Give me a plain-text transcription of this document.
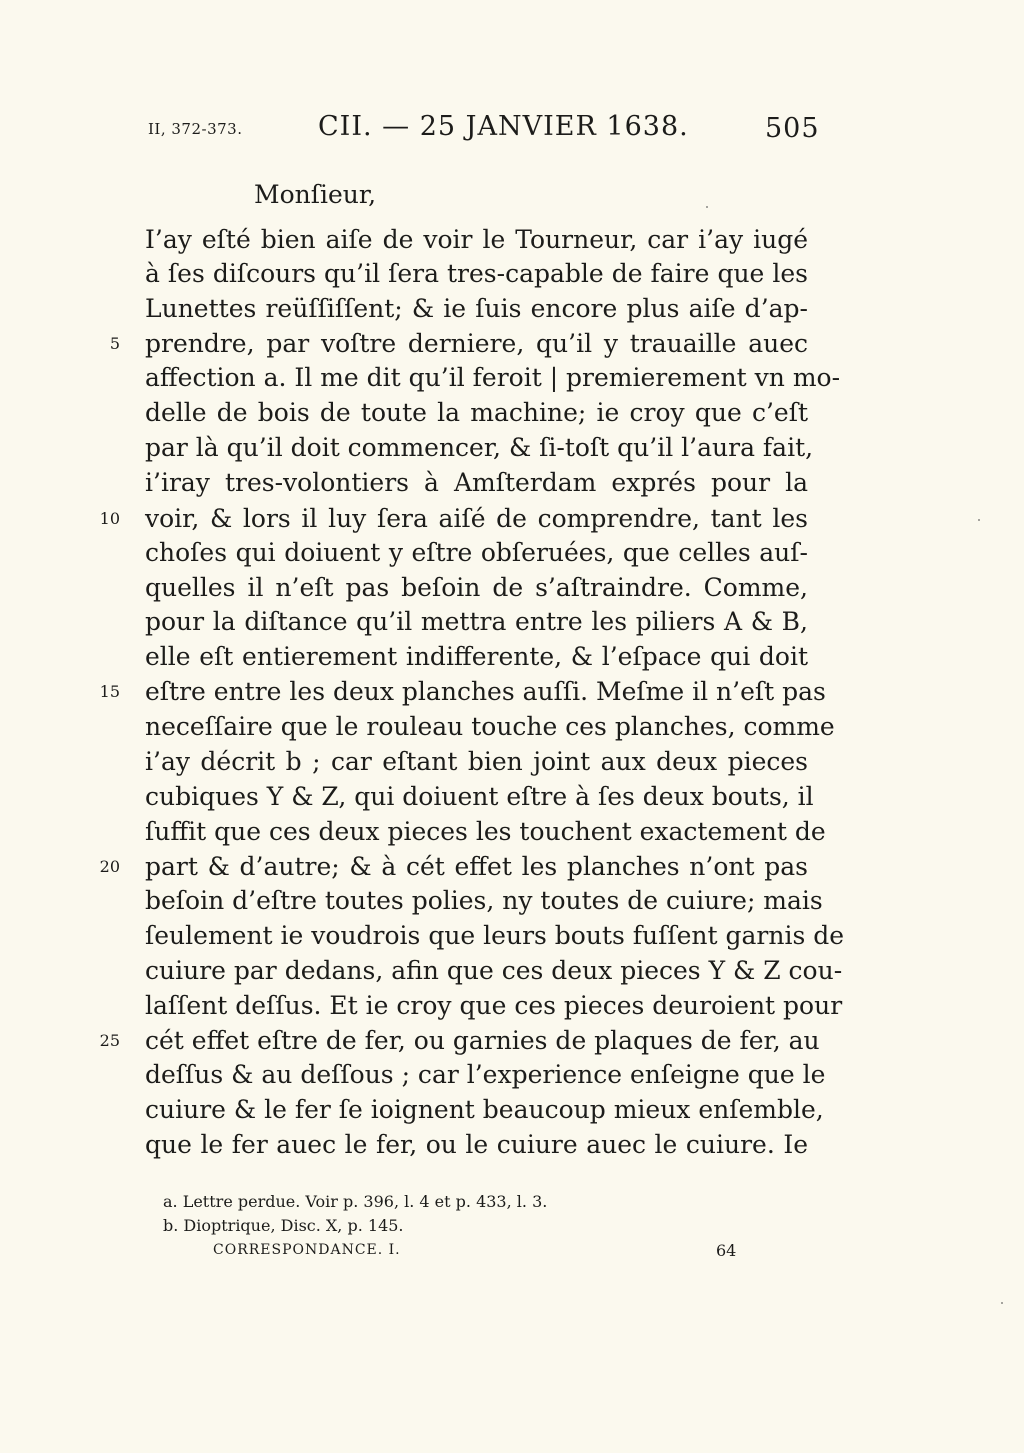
II, 372-373.	CII. — 25 JANVIER 1638.	505
Monſieur,
I’ay eſté bien aiſe de voir le Tourneur, car i’ay iugé
à ſes diſcours qu’il ſera tres-capable de faire que les
Lunettes reüſſiſſent; & ie ſuis encore plus aiſe d’ap-
prendre, par voſtre derniere, qu’il y trauaille auec
affection a. Il me dit qu’il feroit | premierement vn mo-
delle de bois de toute la machine; ie croy que c’eſt
par là qu’il doit commencer, & ſi-toſt qu’il l’aura fait,
i’iray tres-volontiers à Amſterdam exprés pour la
voir, & lors il luy ſera aiſé de comprendre, tant les
choſes qui doiuent y eſtre obſeruées, que celles auſ-
quelles il n’eſt pas beſoin de s’aſtraindre. Comme,
pour la diſtance qu’il mettra entre les piliers A & B,
elle eſt entierement indifferente, & l’eſpace qui doit
eſtre entre les deux planches auſſi. Meſme il n’eſt pas
neceſſaire que le rouleau touche ces planches, comme
i’ay décrit b ; car eſtant bien joint aux deux pieces
cubiques Y & Z, qui doiuent eſtre à ſes deux bouts, il
ſuffit que ces deux pieces les touchent exactement de
part & d’autre; & à cét effet les planches n’ont pas
beſoin d’eſtre toutes polies, ny toutes de cuiure; mais
ſeulement ie voudrois que leurs bouts fuſſent garnis de
cuiure par dedans, afin que ces deux pieces Y & Z cou-
laſſent deſſus. Et ie croy que ces pieces deuroient pour
cét effet eſtre de fer, ou garnies de plaques de fer, au
deſſus & au deſſous ; car l’experience enſeigne que le
cuiure & le fer ſe ioignent beaucoup mieux enſemble,
que le fer auec le fer, ou le cuiure auec le cuiure. Ie
5
10
15
20
25
a. Lettre perdue. Voir p. 396, l. 4 et p. 433, l. 3.
b. Dioptrique, Disc. X, p. 145.
CORRESPONDANCE. I.	64
